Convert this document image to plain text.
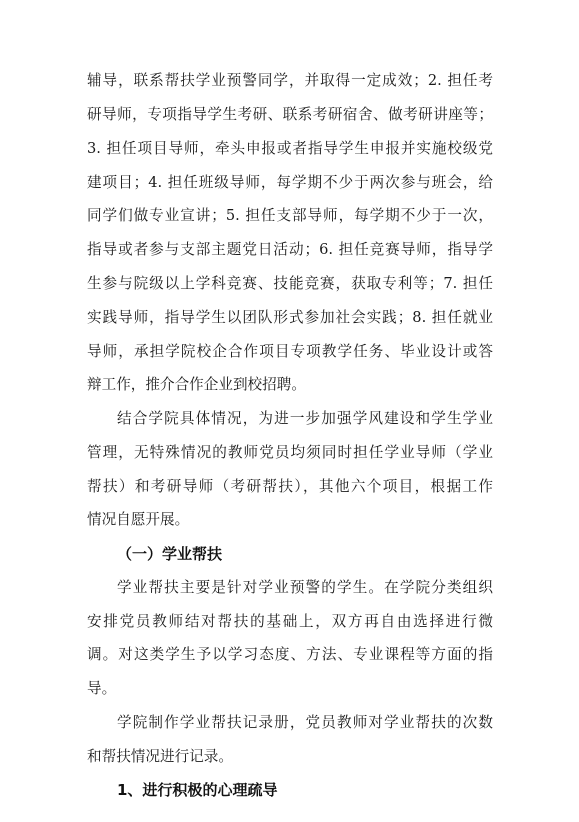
辅导，联系帮扶学业预警同学，并取得一定成效；2. 担任考
研导师，专项指导学生考研、联系考研宿舍、做考研讲座等；
3. 担任项目导师，牵头申报或者指导学生申报并实施校级党
建项目；4. 担任班级导师，每学期不少于两次参与班会，给
同学们做专业宣讲；5. 担任支部导师，每学期不少于一次，
指导或者参与支部主题党日活动；6. 担任竞赛导师，指导学
生参与院级以上学科竞赛、技能竞赛，获取专利等；7. 担任
实践导师，指导学生以团队形式参加社会实践；8. 担任就业
导师，承担学院校企合作项目专项教学任务、毕业设计或答
辩工作，推介合作企业到校招聘。
结合学院具体情况，为进一步加强学风建设和学生学业
管理，无特殊情况的教师党员均须同时担任学业导师（学业
帮扶）和考研导师（考研帮扶），其他六个项目，根据工作
情况自愿开展。
（一）学业帮扶
学业帮扶主要是针对学业预警的学生。在学院分类组织
安排党员教师结对帮扶的基础上，双方再自由选择进行微
调。对这类学生予以学习态度、方法、专业课程等方面的指
导。
学院制作学业帮扶记录册，党员教师对学业帮扶的次数
和帮扶情况进行记录。
1、进行积极的心理疏导
